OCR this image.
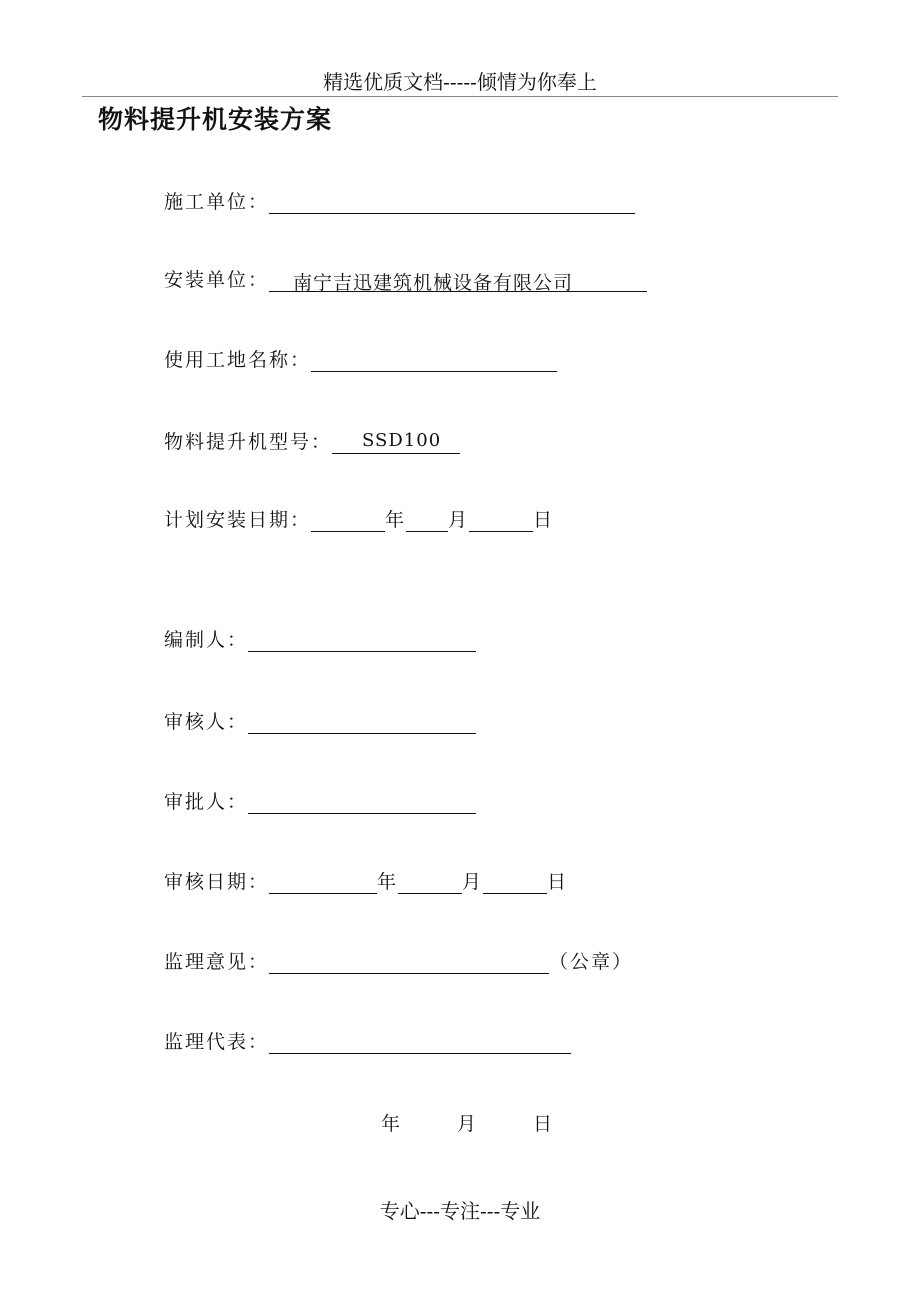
精选优质文档-----倾情为你奉上
物料提升机安装方案
施工单位：
安装单位：	南宁吉迅建筑机械设备有限公司
使用工地名称：
物料提升机型号：	SSD100
计划安装日期：	年 月	日
编制人：
审核人：
审批人：
审核日期：	年	月	日
监理意见：	（公章）
监理代表：
年	月	日
专心---专注---专业
